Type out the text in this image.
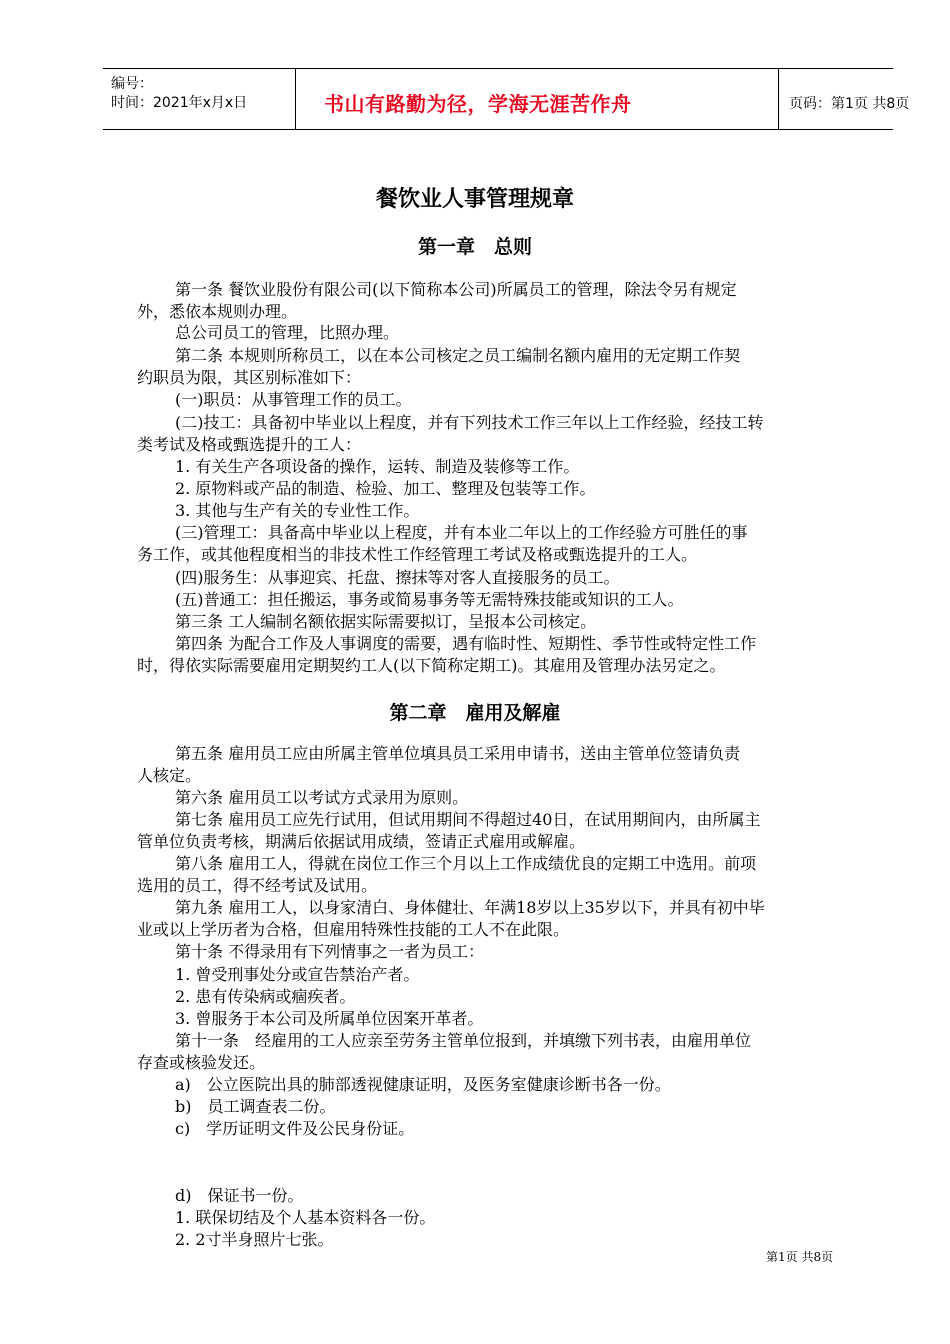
编号：
时间：2021年x月x日	书山有路勤为径，学海无涯苦作舟	页码：第1页 共8页
餐饮业人事管理规章
第一章　总则
第一条 餐饮业股份有限公司(以下简称本公司)所属员工的管理，除法令另有规定
外，悉依本规则办理。
总公司员工的管理，比照办理。
第二条 本规则所称员工，以在本公司核定之员工编制名额内雇用的无定期工作契
约职员为限，其区别标准如下：
(一)职员：从事管理工作的员工。
(二)技工：具备初中毕业以上程度，并有下列技术工作三年以上工作经验，经技工转
类考试及格或甄选提升的工人：
1. 有关生产各项设备的操作，运转、制造及装修等工作。
2. 原物料或产品的制造、检验、加工、整理及包装等工作。
3. 其他与生产有关的专业性工作。
(三)管理工：具备高中毕业以上程度，并有本业二年以上的工作经验方可胜任的事
务工作，或其他程度相当的非技术性工作经管理工考试及格或甄选提升的工人。
(四)服务生：从事迎宾、托盘、擦抹等对客人直接服务的员工。
(五)普通工：担任搬运，事务或简易事务等无需特殊技能或知识的工人。
第三条 工人编制名额依据实际需要拟订，呈报本公司核定。
第四条 为配合工作及人事调度的需要，遇有临时性、短期性、季节性或特定性工作
时，得依实际需要雇用定期契约工人(以下简称定期工)。其雇用及管理办法另定之。
第二章　雇用及解雇
第五条 雇用员工应由所属主管单位填具员工采用申请书，送由主管单位签请负责
人核定。
第六条 雇用员工以考试方式录用为原则。
第七条 雇用员工应先行试用，但试用期间不得超过40日，在试用期间内，由所属主
管单位负责考核，期满后依据试用成绩，签请正式雇用或解雇。
第八条 雇用工人，得就在岗位工作三个月以上工作成绩优良的定期工中选用。前项
选用的员工，得不经考试及试用。
第九条 雇用工人，以身家清白、身体健壮、年满18岁以上35岁以下，并具有初中毕
业或以上学历者为合格，但雇用特殊性技能的工人不在此限。
第十条 不得录用有下列情事之一者为员工：
1. 曾受刑事处分或宣告禁治产者。
2. 患有传染病或痼疾者。
3. 曾服务于本公司及所属单位因案开革者。
第十一条　经雇用的工人应亲至劳务主管单位报到，并填缴下列书表，由雇用单位
存查或核验发还。
a)　公立医院出具的肺部透视健康证明，及医务室健康诊断书各一份。
b)　员工调查表二份。
c)　学历证明文件及公民身份证。
d)　保证书一份。
1. 联保切结及个人基本资料各一份。
2. 2寸半身照片七张。
第1页 共8页
